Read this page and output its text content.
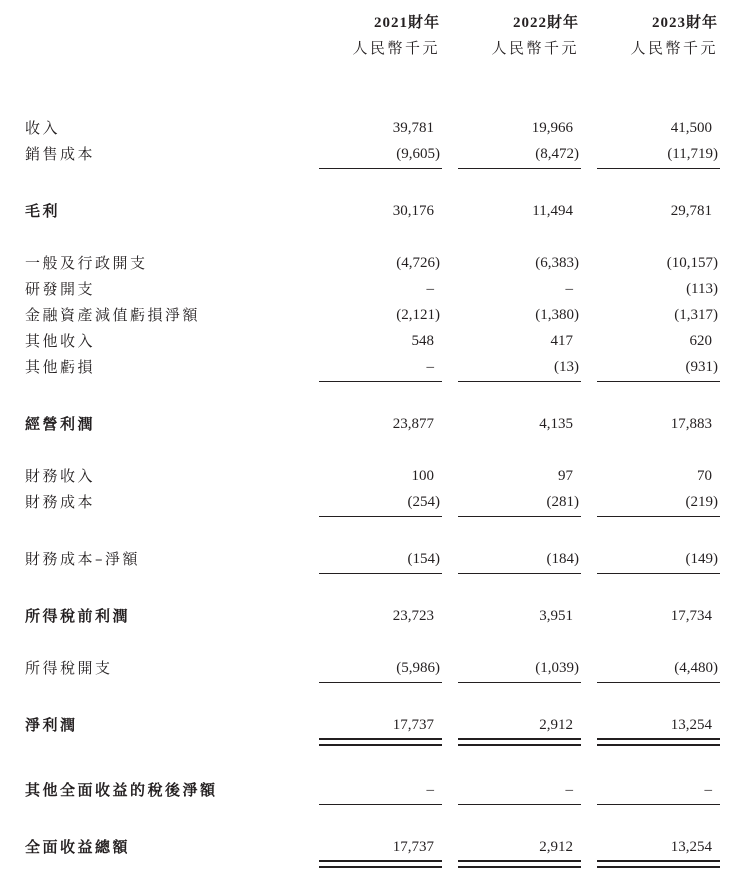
2021財年	2022財年	2023財年
人民幣千元	人民幣千元	人民幣千元
收入	39,781	19,966	41,500
銷售成本	(9,605)	(8,472)	(11,719)
毛利	30,176	11,494	29,781
一般及行政開支	(4,726)	(6,383)	(10,157)
研發開支	–	–	(113)
金融資產減值虧損淨額	(2,121)	(1,380)	(1,317)
其他收入	548	417	620
其他虧損	–	(13)	(931)
經營利潤	23,877	4,135	17,883
財務收入	100	97	70
財務成本	(254)	(281)	(219)
財務成本–淨額	(154)	(184)	(149)
所得稅前利潤	23,723	3,951	17,734
所得稅開支	(5,986)	(1,039)	(4,480)
淨利潤	17,737	2,912	13,254
其他全面收益的稅後淨額	–	–	–
全面收益總額	17,737	2,912	13,254
